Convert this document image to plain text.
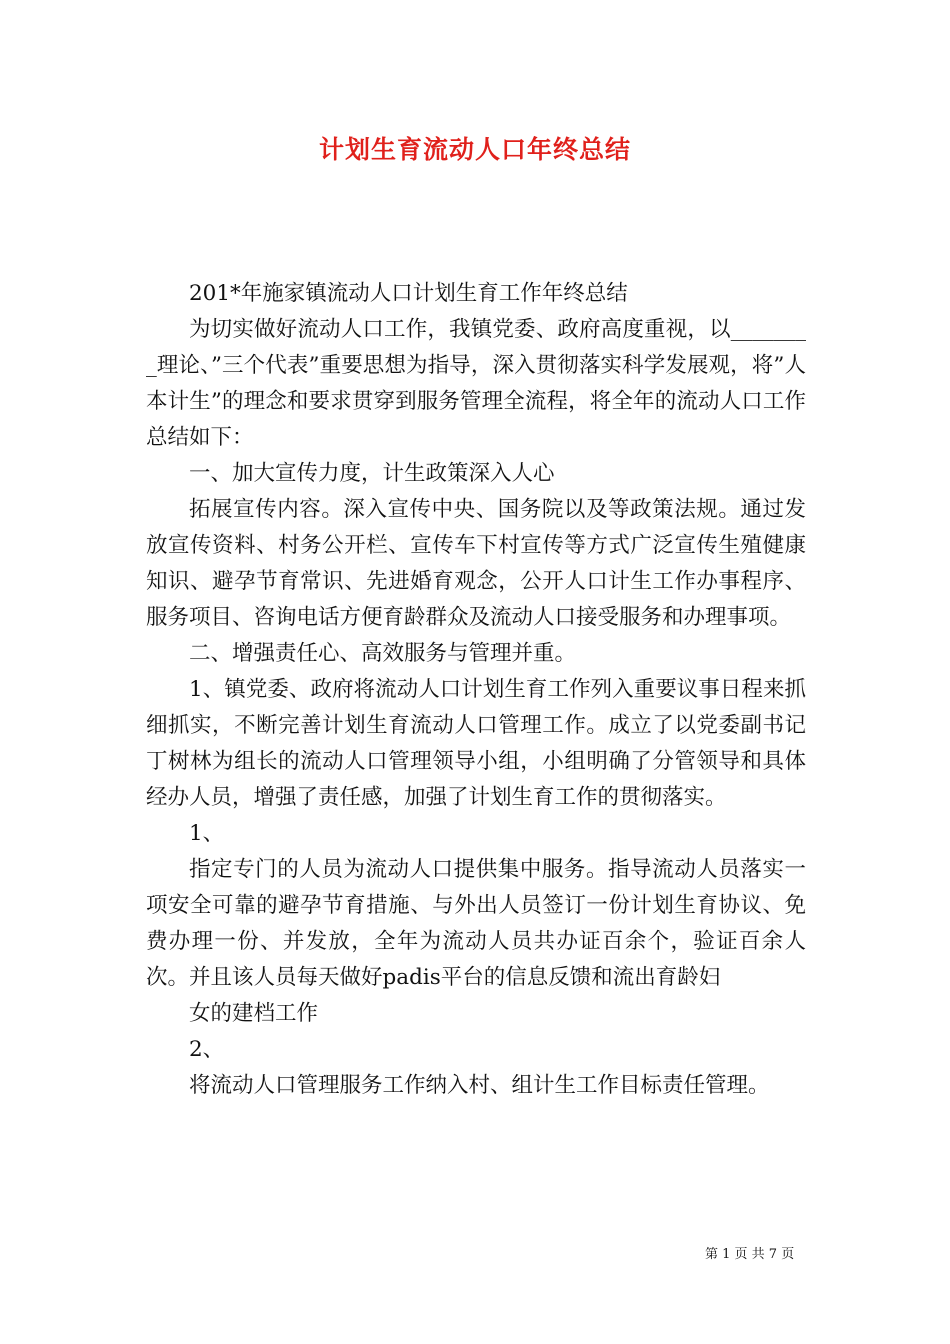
计划生育流动人口年终总结

201*年施家镇流动人口计划生育工作年终总结

为切实做好流动人口工作，我镇党委、政府高度重视，以________理论、”三个代表”重要思想为指导，深入贯彻落实科学发展观，将”人本计生”的理念和要求贯穿到服务管理全流程，将全年的流动人口工作总结如下：

一、加大宣传力度，计生政策深入人心

拓展宣传内容。深入宣传中央、国务院以及等政策法规。通过发放宣传资料、村务公开栏、宣传车下村宣传等方式广泛宣传生殖健康知识、避孕节育常识、先进婚育观念，公开人口计生工作办事程序、服务项目、咨询电话方便育龄群众及流动人口接受服务和办理事项。

二、增强责任心、高效服务与管理并重。

1、镇党委、政府将流动人口计划生育工作列入重要议事日程来抓细抓实，不断完善计划生育流动人口管理工作。成立了以党委副书记丁树林为组长的流动人口管理领导小组，小组明确了分管领导和具体经办人员，增强了责任感，加强了计划生育工作的贯彻落实。

1、

指定专门的人员为流动人口提供集中服务。指导流动人员落实一项安全可靠的避孕节育措施、与外出人员签订一份计划生育协议、免费办理一份、并发放，全年为流动人员共办证百余个，验证百余人次。并且该人员每天做好padis平台的信息反馈和流出育龄妇

女的建档工作

2、

将流动人口管理服务工作纳入村、组计生工作目标责任管理。

第 1 页 共 7 页
